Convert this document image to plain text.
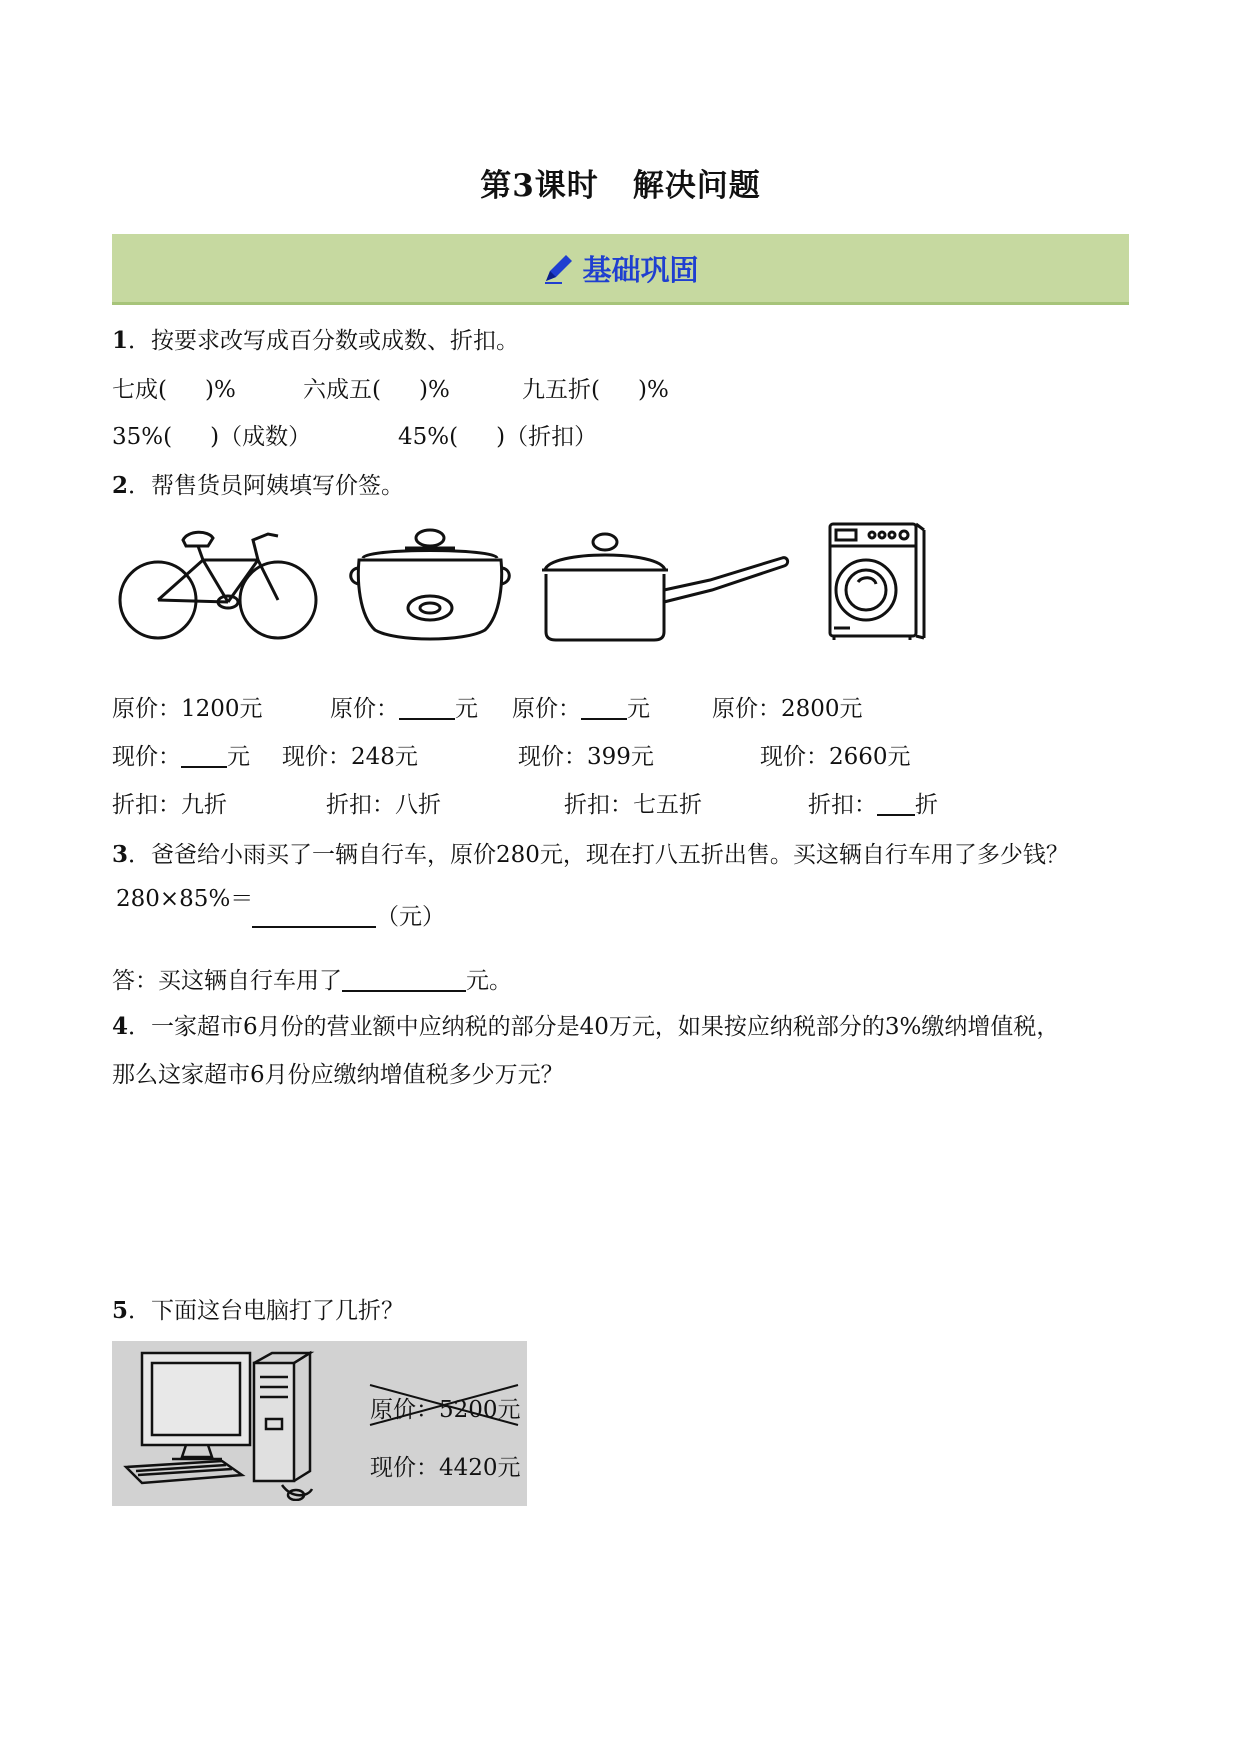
第3课时 解决问题
基础巩固
1．按要求改写成百分数或成数、折扣。
七成( )%	六成五( )%	九五折( )%
35%( )（成数）	45%( )（折扣）
2．帮售货员阿姨填写价签。
原价：1200元	原价： 元 原价： 元	原价：2800元
现价： 元 现价：248元	现价：399元	现价：2660元
折扣：九折	折扣：八折	折扣：七五折	折扣： 折
3．爸爸给小雨买了一辆自行车，原价280元，现在打八五折出售。买这辆自行车用了多少钱？
280×85%＝
（元）
答：买这辆自行车用了	元。
4．一家超市6月份的营业额中应纳税的部分是40万元，如果按应纳税部分的3%缴纳增值税，
那么这家超市6月份应缴纳增值税多少万元？
5．下面这台电脑打了几折？
原价：5200元
现价：4420元
